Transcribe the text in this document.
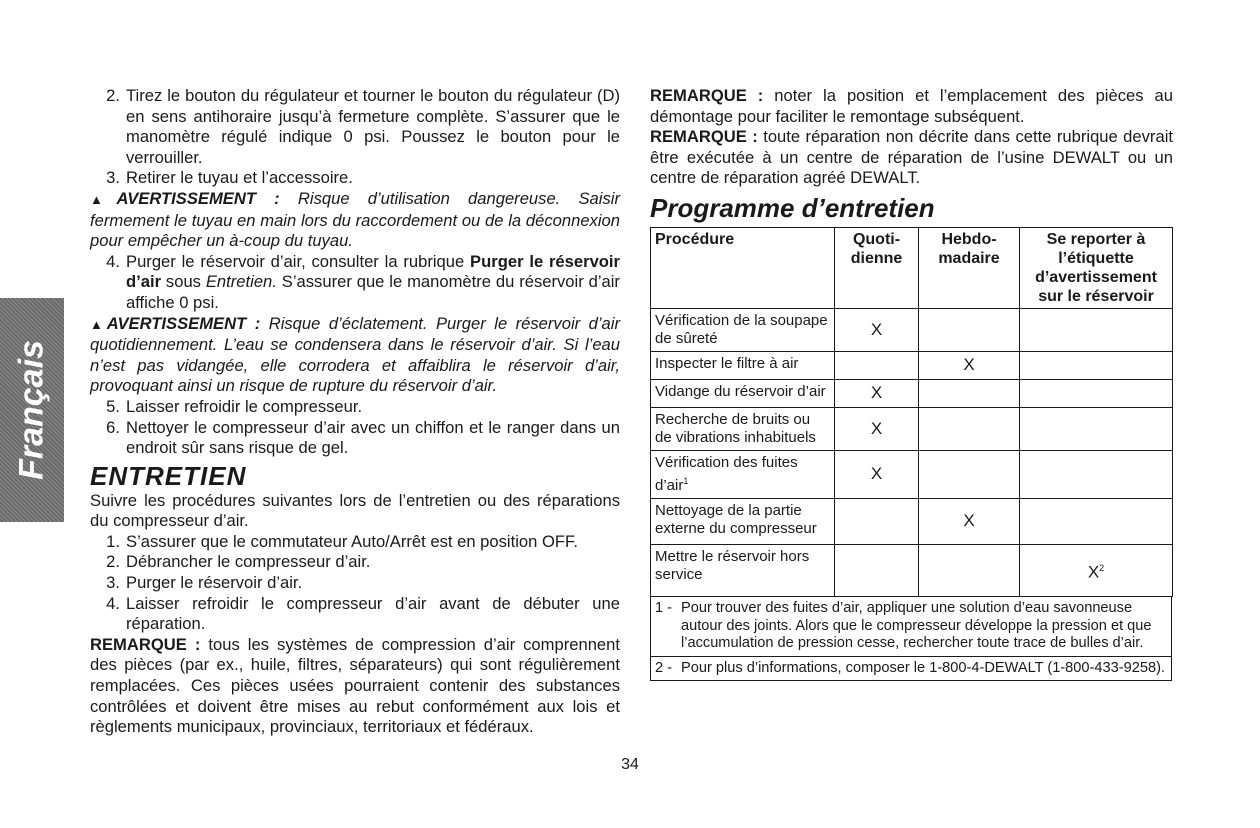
Français
2. Tirez le bouton du régulateur et tourner le bouton du régulateur (D) en sens antihoraire jusqu’à fermeture complète. S’assurer que le manomètre régulé indique 0 psi. Poussez le bouton pour le verrouiller.
3. Retirer le tuyau et l’accessoire.
▲AVERTISSEMENT : Risque d’utilisation dangereuse. Saisir fermement le tuyau en main lors du raccordement ou de la déconnexion pour empêcher un à-coup du tuyau.
4. Purger le réservoir d’air, consulter la rubrique Purger le réservoir d’air sous Entretien. S’assurer que le manomètre du réservoir d’air affiche 0 psi.
▲AVERTISSEMENT : Risque d’éclatement. Purger le réservoir d’air quotidiennement. L’eau se condensera dans le réservoir d’air. Si l’eau n’est pas vidangée, elle corrodera et affaiblira le réservoir d’air, provoquant ainsi un risque de rupture du réservoir d’air.
5. Laisser refroidir le compresseur.
6. Nettoyer le compresseur d’air avec un chiffon et le ranger dans un endroit sûr sans risque de gel.
ENTRETIEN
Suivre les procédures suivantes lors de l’entretien ou des réparations du compresseur d’air.
1. S’assurer que le commutateur Auto/Arrêt est en position OFF.
2. Débrancher le compresseur d’air.
3. Purger le réservoir d’air.
4. Laisser refroidir le compresseur d’air avant de débuter une réparation.
REMARQUE : tous les systèmes de compression d’air comprennent des pièces (par ex., huile, filtres, séparateurs) qui sont régulièrement remplacées. Ces pièces usées pourraient contenir des substances contrôlées et doivent être mises au rebut conformément aux lois et règlements municipaux, provinciaux, territoriaux et fédéraux.
REMARQUE : noter la position et l’emplacement des pièces au démontage pour faciliter le remontage subséquent.
REMARQUE : toute réparation non décrite dans cette rubrique devrait être exécutée à un centre de réparation de l’usine DEWALT ou un centre de réparation agréé DEWALT.
Programme d’entretien
Procédure	Quoti-dienne	Hebdo-madaire	Se reporter à l’étiquette d’avertissement sur le réservoir
Vérification de la soupape de sûreté	X		
Inspecter le filtre à air		X	
Vidange du réservoir d’air	X		
Recherche de bruits ou de vibrations inhabituels	X		
Vérification des fuites d’air$^1$	X		
Nettoyage de la partie externe du compresseur		X	
Mettre le réservoir hors service			$X^2$
1 - Pour trouver des fuites d’air, appliquer une solution d’eau savonneuse autour des joints. Alors que le compresseur développe la pression et que l’accumulation de pression cesse, rechercher toute trace de bulles d’air.
2 - Pour plus d’informations, composer le 1-800-4-DEWALT (1-800-433-9258).
34
